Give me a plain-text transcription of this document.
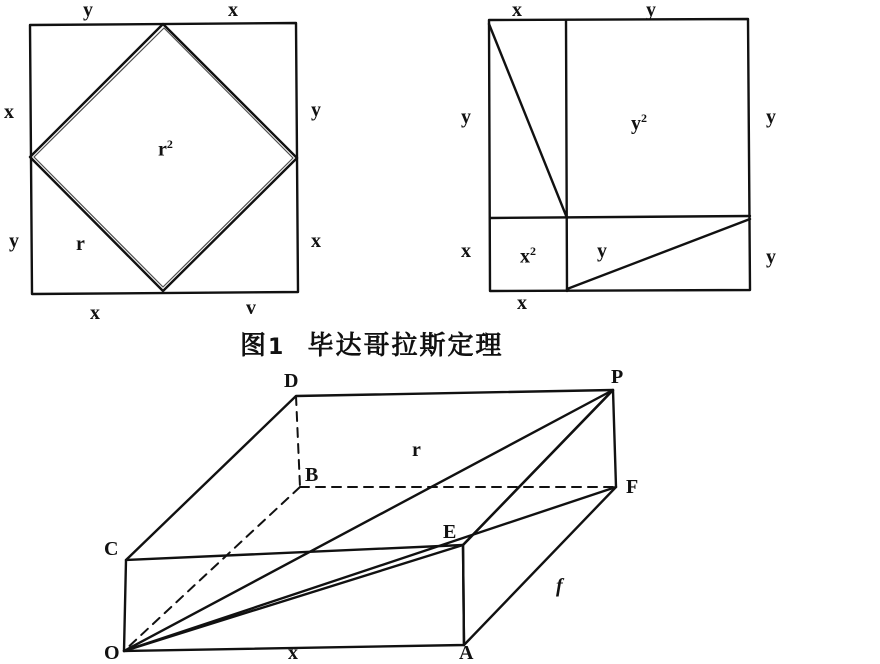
y	x
x	y
y	x
x	v
r
$r^2$
x	y
y	y
x	y
y
x
$y^2$
$x^2$
图1 毕达哥拉斯定理
D	P
B
F
C
E
O	A
x
r
f
